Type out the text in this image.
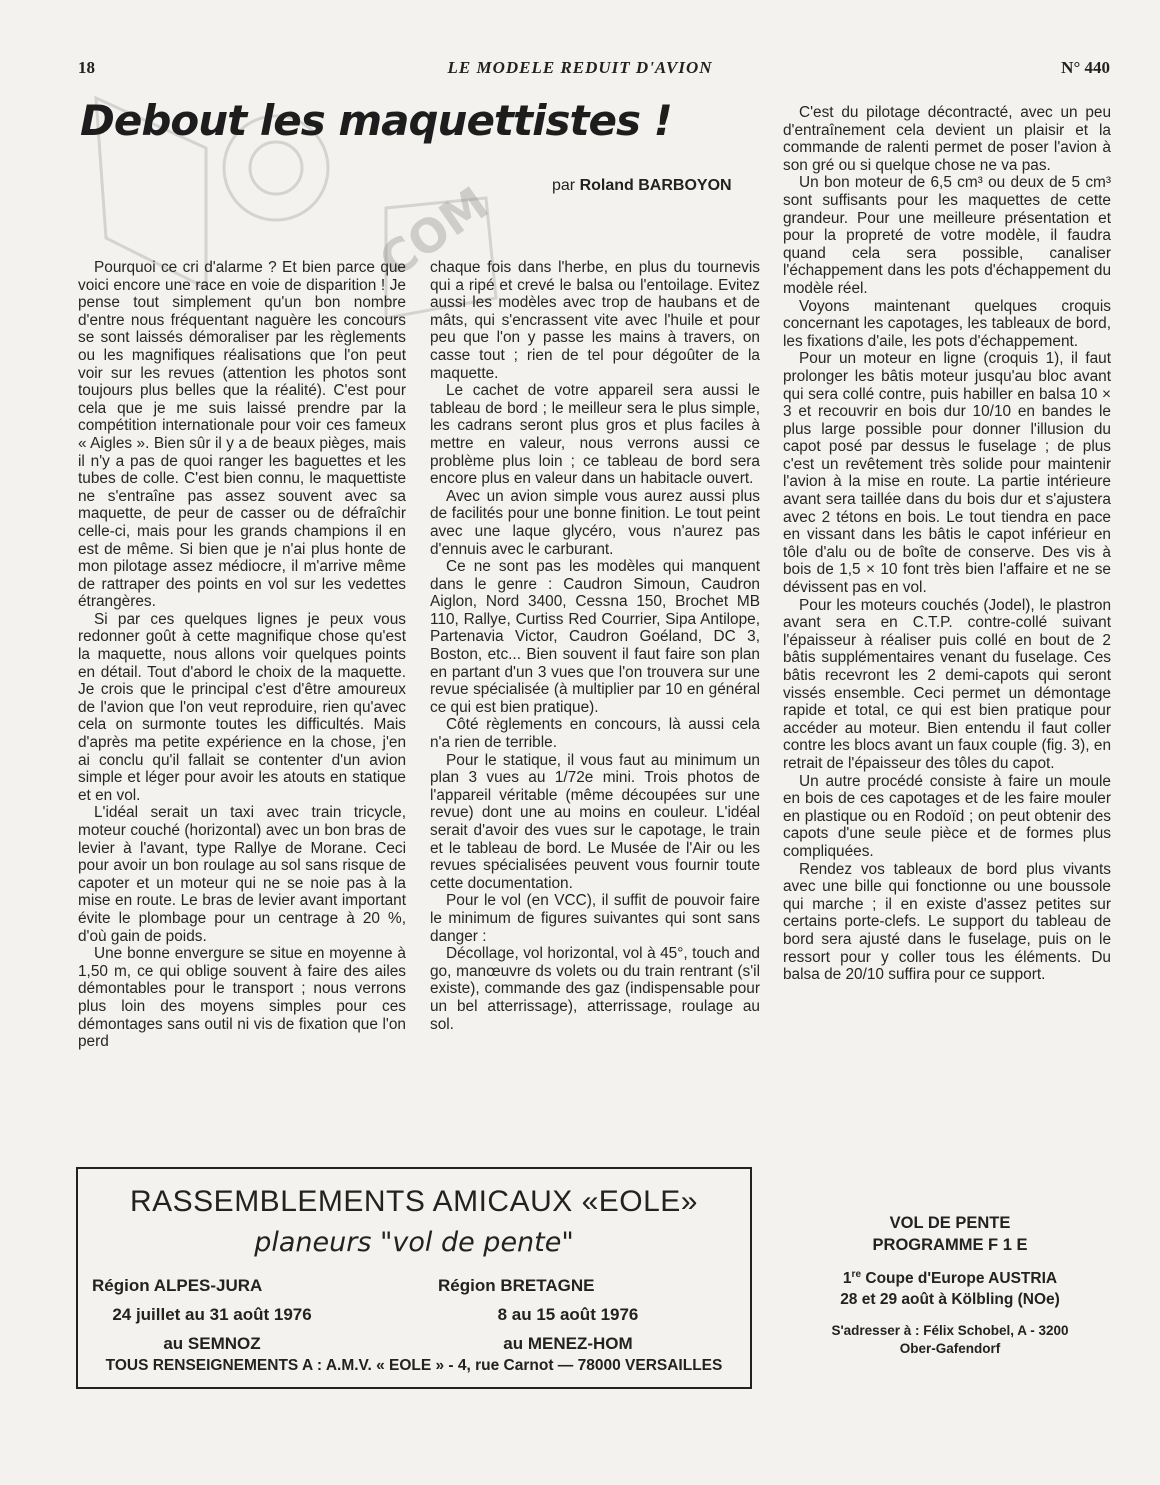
18	LE MODELE REDUIT D'AVION	N° 440
COM
Debout les maquettistes !
par Roland BARBOYON

Pourquoi ce cri d'alarme ? Et bien parce que voici encore une race en voie de disparition ! Je pense tout simplement qu'un bon nombre d'entre nous fréquentant naguère les concours se sont laissés démoraliser par les règlements ou les magnifiques réalisations que l'on peut voir sur les revues (attention les photos sont toujours plus belles que la réalité). C'est pour cela que je me suis laissé prendre par la compétition internationale pour voir ces fameux « Aigles ». Bien sûr il y a de beaux pièges, mais il n'y a pas de quoi ranger les baguettes et les tubes de colle. C'est bien connu, le maquettiste ne s'entraîne pas assez souvent avec sa maquette, de peur de casser ou de défraîchir celle-ci, mais pour les grands champions il en est de même. Si bien que je n'ai plus honte de mon pilotage assez médiocre, il m'arrive même de rattraper des points en vol sur les vedettes étrangères.

Si par ces quelques lignes je peux vous redonner goût à cette magnifique chose qu'est la maquette, nous allons voir quelques points en détail. Tout d'abord le choix de la maquette. Je crois que le principal c'est d'être amoureux de l'avion que l'on veut reproduire, rien qu'avec cela on surmonte toutes les difficultés. Mais d'après ma petite expérience en la chose, j'en ai conclu qu'il fallait se contenter d'un avion simple et léger pour avoir les atouts en statique et en vol.

L'idéal serait un taxi avec train tricycle, moteur couché (horizontal) avec un bon bras de levier à l'avant, type Rallye de Morane. Ceci pour avoir un bon roulage au sol sans risque de capoter et un moteur qui ne se noie pas à la mise en route. Le bras de levier avant important évite le plombage pour un centrage à 20 %, d'où gain de poids.

Une bonne envergure se situe en moyenne à 1,50 m, ce qui oblige souvent à faire des ailes démontables pour le transport ; nous verrons plus loin des moyens simples pour ces démontages sans outil ni vis de fixation que l'on perd

chaque fois dans l'herbe, en plus du tournevis qui a ripé et crevé le balsa ou l'entoilage. Evitez aussi les modèles avec trop de haubans et de mâts, qui s'encrassent vite avec l'huile et pour peu que l'on y passe les mains à travers, on casse tout ; rien de tel pour dégoûter de la maquette.

Le cachet de votre appareil sera aussi le tableau de bord ; le meilleur sera le plus simple, les cadrans seront plus gros et plus faciles à mettre en valeur, nous verrons aussi ce problème plus loin ; ce tableau de bord sera encore plus en valeur dans un habitacle ouvert.

Avec un avion simple vous aurez aussi plus de facilités pour une bonne finition. Le tout peint avec une laque glycéro, vous n'aurez pas d'ennuis avec le carburant.

Ce ne sont pas les modèles qui manquent dans le genre : Caudron Simoun, Caudron Aiglon, Nord 3400, Cessna 150, Brochet MB 110, Rallye, Curtiss Red Courrier, Sipa Antilope, Partenavia Victor, Caudron Goéland, DC 3, Boston, etc... Bien souvent il faut faire son plan en partant d'un 3 vues que l'on trouvera sur une revue spécialisée (à multiplier par 10 en général ce qui est bien pratique).

Côté règlements en concours, là aussi cela n'a rien de terrible.

Pour le statique, il vous faut au minimum un plan 3 vues au 1/72e mini. Trois photos de l'appareil véritable (même découpées sur une revue) dont une au moins en couleur. L'idéal serait d'avoir des vues sur le capotage, le train et le tableau de bord. Le Musée de l'Air ou les revues spécialisées peuvent vous fournir toute cette documentation.

Pour le vol (en VCC), il suffit de pouvoir faire le minimum de figures suivantes qui sont sans danger :

Décollage, vol horizontal, vol à 45°, touch and go, manœuvre ds volets ou du train rentrant (s'il existe), commande des gaz (indispensable pour un bel atterrissage), atterrissage, roulage au sol.

C'est du pilotage décontracté, avec un peu d'entraînement cela devient un plaisir et la commande de ralenti permet de poser l'avion à son gré ou si quelque chose ne va pas.

Un bon moteur de 6,5 cm³ ou deux de 5 cm³ sont suffisants pour les maquettes de cette grandeur. Pour une meilleure présentation et pour la propreté de votre modèle, il faudra quand cela sera possible, canaliser l'échappement dans les pots d'échappement du modèle réel.

Voyons maintenant quelques croquis concernant les capotages, les tableaux de bord, les fixations d'aile, les pots d'échappement.

Pour un moteur en ligne (croquis 1), il faut prolonger les bâtis moteur jusqu'au bloc avant qui sera collé contre, puis habiller en balsa 10 × 3 et recouvrir en bois dur 10/10 en bandes le plus large possible pour donner l'illusion du capot posé par dessus le fuselage ; de plus c'est un revêtement très solide pour maintenir l'avion à la mise en route. La partie intérieure avant sera taillée dans du bois dur et s'ajustera avec 2 tétons en bois. Le tout tiendra en pace en vissant dans les bâtis le capot inférieur en tôle d'alu ou de boîte de conserve. Des vis à bois de 1,5 × 10 font très bien l'affaire et ne se dévissent pas en vol.

Pour les moteurs couchés (Jodel), le plastron avant sera en C.T.P. contre-collé suivant l'épaisseur à réaliser puis collé en bout de 2 bâtis supplémentaires venant du fuselage. Ces bâtis recevront les 2 demi-capots qui seront vissés ensemble. Ceci permet un démontage rapide et total, ce qui est bien pratique pour accéder au moteur. Bien entendu il faut coller contre les blocs avant un faux couple (fig. 3), en retrait de l'épaisseur des tôles du capot.

Un autre procédé consiste à faire un moule en bois de ces capotages et de les faire mouler en plastique ou en Rodoïd ; on peut obtenir des capots d'une seule pièce et de formes plus compliquées.

Rendez vos tableaux de bord plus vivants avec une bille qui fonctionne ou une boussole qui marche ; il en existe d'assez petites sur certains porte-clefs. Le support du tableau de bord sera ajusté dans le fuselage, puis on le ressort pour y coller tous les éléments. Du balsa de 20/10 suffira pour ce support.

RASSEMBLEMENTS AMICAUX «EOLE»
planeurs "vol de pente"
Région ALPES-JURA
24 juillet au 31 août 1976
au SEMNOZ
Région BRETAGNE
8 au 15 août 1976
au MENEZ-HOM
TOUS RENSEIGNEMENTS A : A.M.V. « EOLE » - 4, rue Carnot — 78000 VERSAILLES
VOL DE PENTE
PROGRAMME F 1 E
1re Coupe d'Europe AUSTRIA
28 et 29 août à Kölbling (NOe)
S'adresser à : Félix Schobel, A - 3200
Ober-Gafendorf
